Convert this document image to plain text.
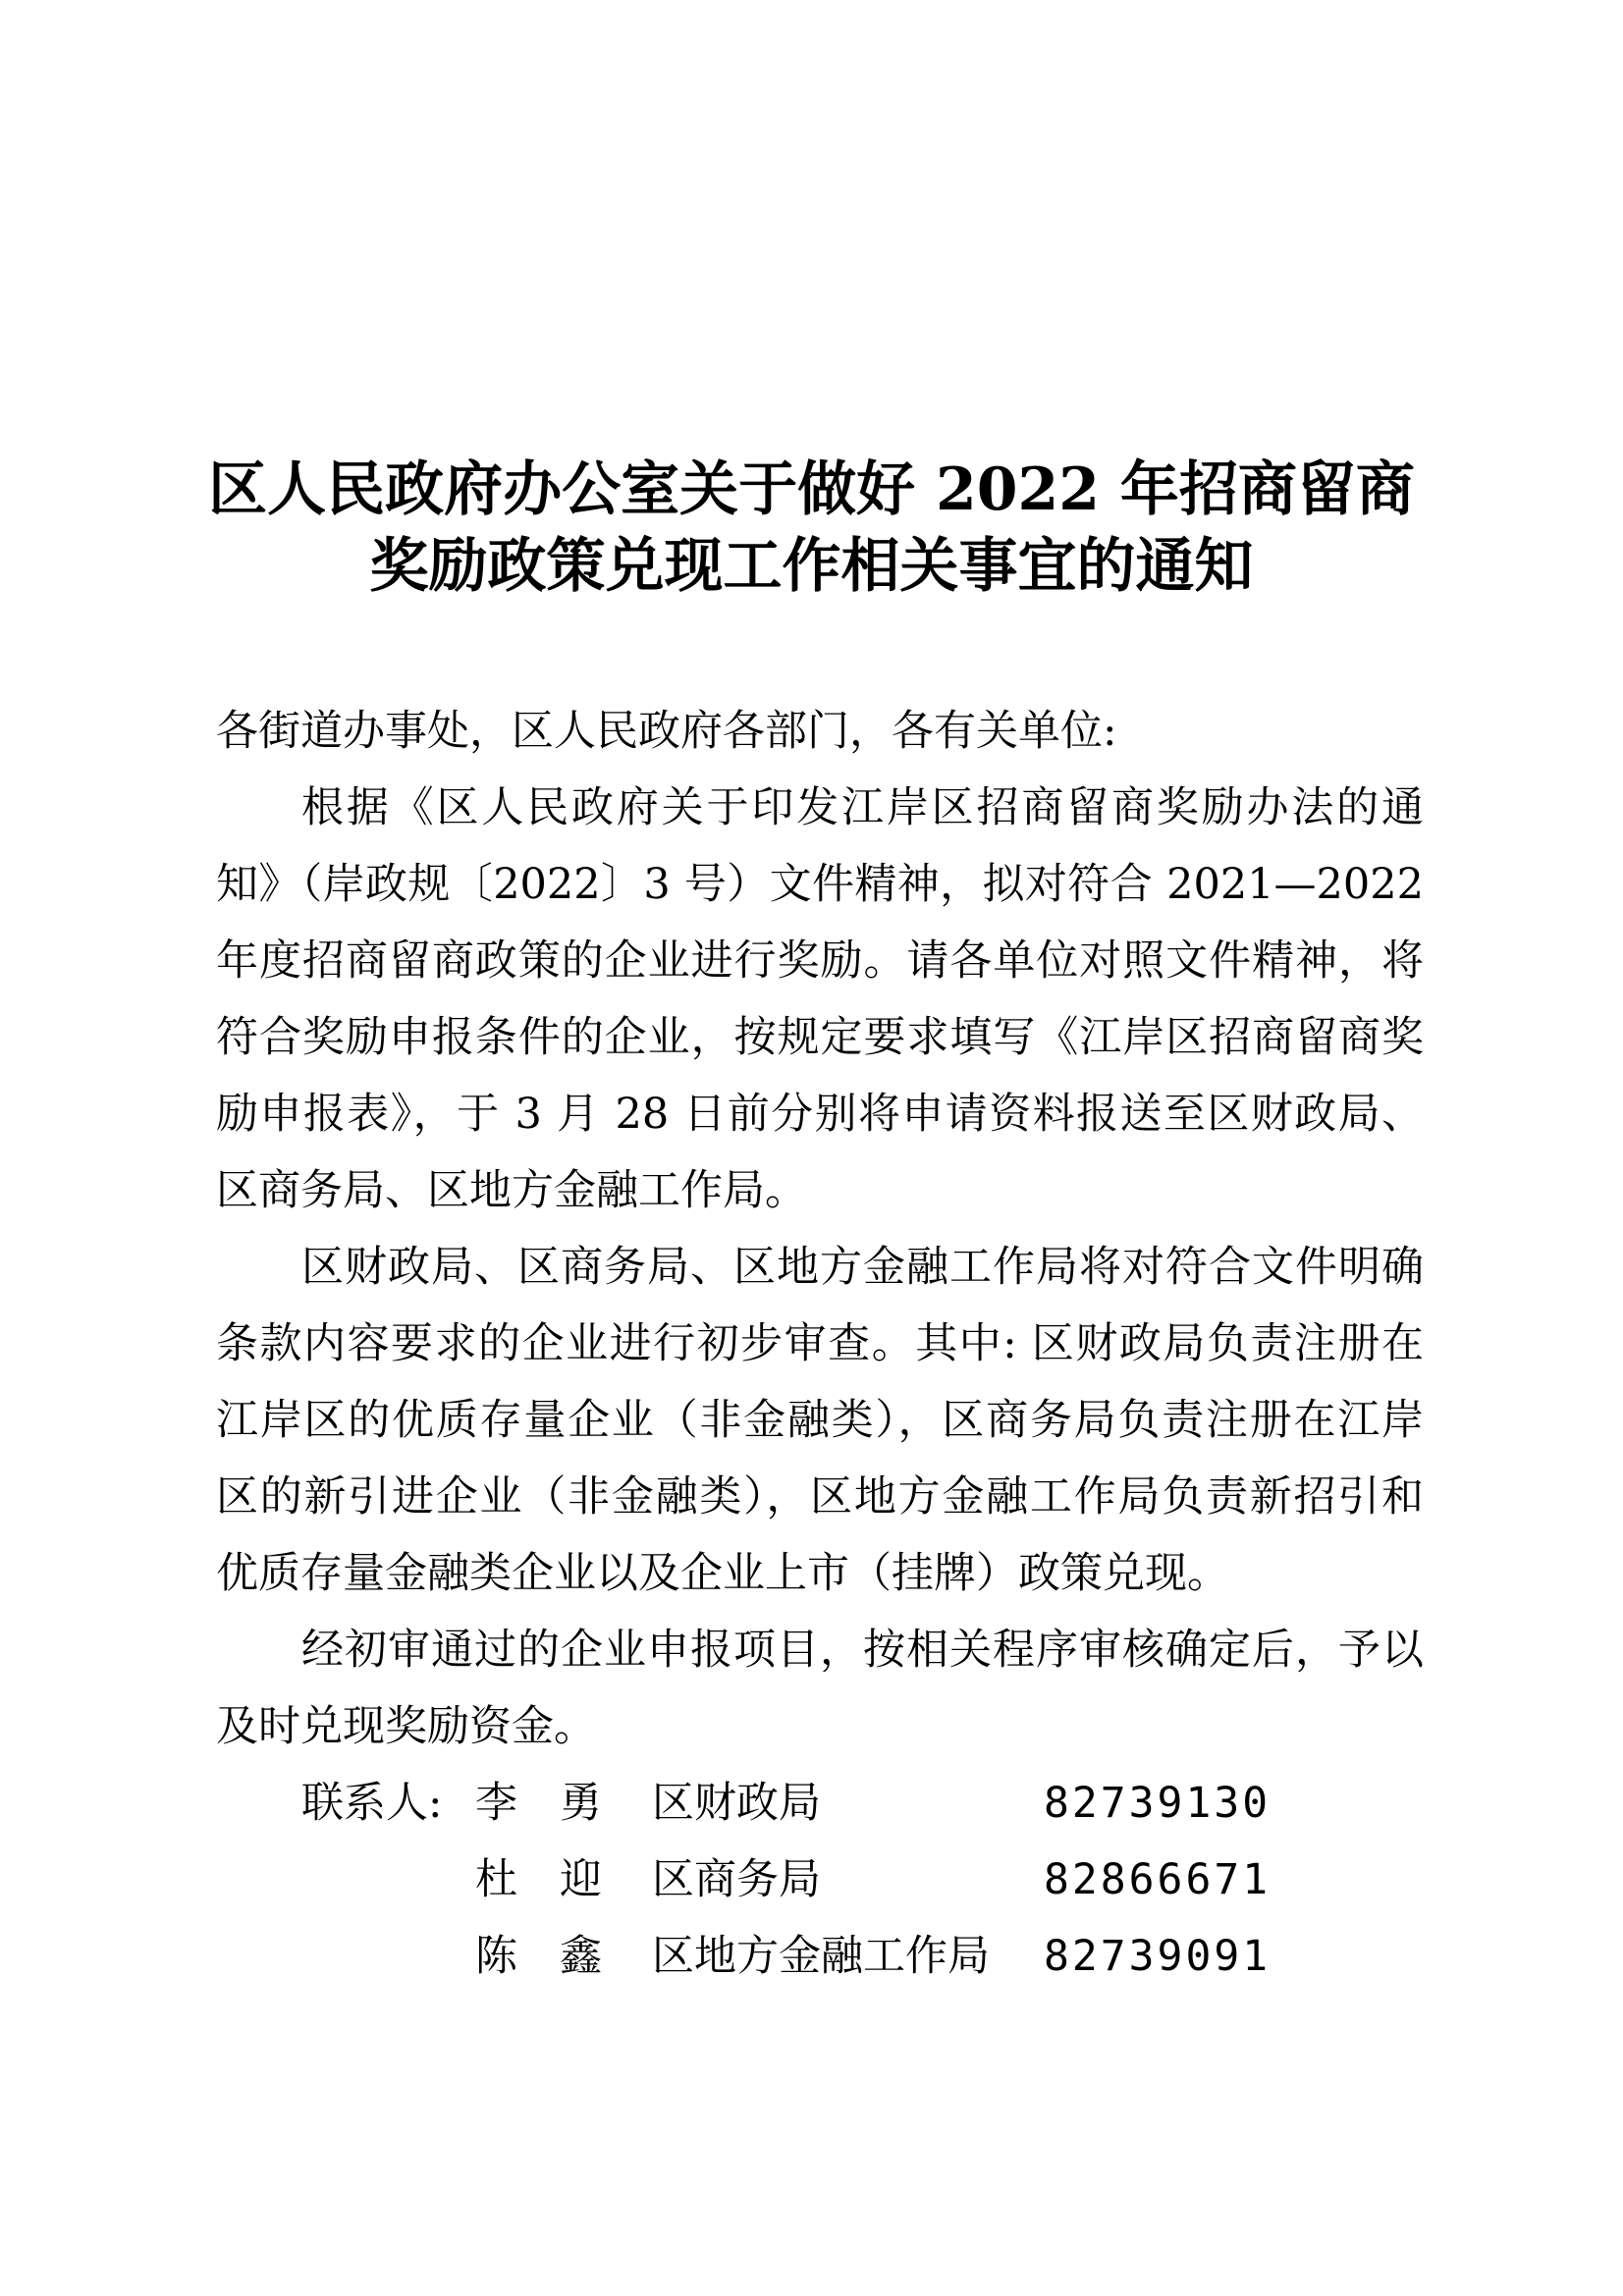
区人民政府办公室关于做好 2022 年招商留商
奖励政策兑现工作相关事宜的通知

各街道办事处，区人民政府各部门，各有关单位:

根据《区人民政府关于印发江岸区招商留商奖励办法的通

知》（岸政规〔2022〕3 号）文件精神，拟对符合 2021—2022

年度招商留商政策的企业进行奖励。请各单位对照文件精神，将

符合奖励申报条件的企业，按规定要求填写《江岸区招商留商奖

励申报表》，于 3 月 28 日前分别将申请资料报送至区财政局、

区商务局、区地方金融工作局。

区财政局、区商务局、区地方金融工作局将对符合文件明确

条款内容要求的企业进行初步审查。其中: 区财政局负责注册在

江岸区的优质存量企业（非金融类），区商务局负责注册在江岸

区的新引进企业（非金融类），区地方金融工作局负责新招引和

优质存量金融类企业以及企业上市（挂牌）政策兑现。

经初审通过的企业申报项目，按相关程序审核确定后，予以

及时兑现奖励资金。

联系人: 李　勇 区财政局	82739130

杜　迎 区商务局	82866671

陈　鑫 区地方金融工作局 82739091
